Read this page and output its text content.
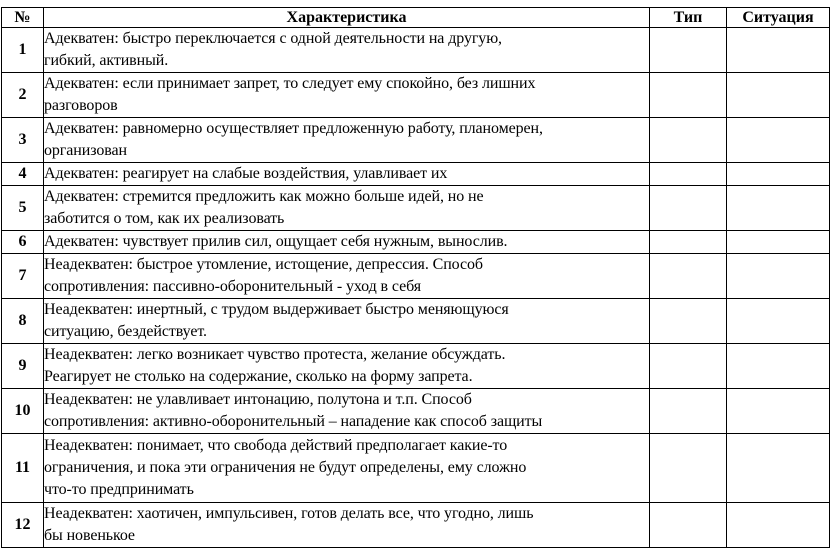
№	Характеристика	Тип	Ситуация
1	Адекватен: быстро переключается с одной деятельности на другую,
гибкий, активный.		

2	Адекватен: если принимает запрет, то следует ему спокойно, без лишних
разговоров		

3	Адекватен: равномерно осуществляет предложенную работу, планомерен,
организован		

4	Адекватен: реагирует на слабые воздействия, улавливает их		

5	Адекватен: стремится предложить как можно больше идей, но не
заботится о том, как их реализовать		

6	Адекватен: чувствует прилив сил, ощущает себя нужным, вынослив.		

7	Неадекватен: быстрое утомление, истощение, депрессия. Способ
сопротивления: пассивно-оборонительный - уход в себя		

8	Неадекватен: инертный, с трудом выдерживает быстро меняющуюся
ситуацию, бездействует.		

9	Неадекватен: легко возникает чувство протеста, желание обсуждать.
Реагирует не столько на содержание, сколько на форму запрета.		

10	Неадекватен: не улавливает интонацию, полутона и т.п. Способ
сопротивления: активно-оборонительный – нападение как способ защиты		

11	Неадекватен: понимает, что свобода действий предполагает какие-то
ограничения, и пока эти ограничения не будут определены, ему сложно
что-то предпринимать		

12	Неадекватен: хаотичен, импульсивен, готов делать все, что угодно, лишь
бы новенькое		
